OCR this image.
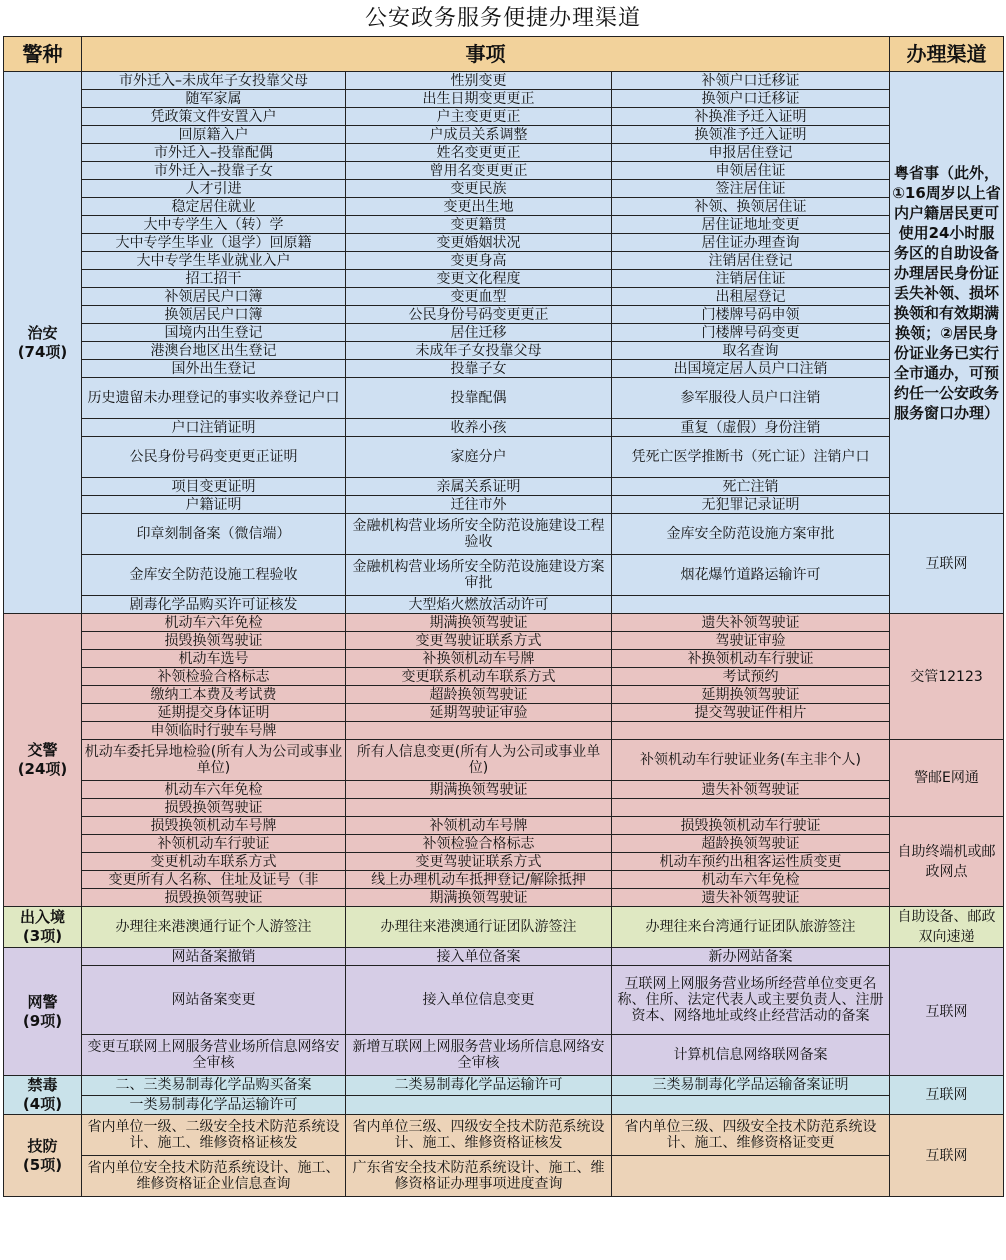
公安政务服务便捷办理渠道
警种	事项			办理渠道

治安
(74项)	市外迁入–未成年子女投靠父母	性别变更	补领户口迁移证	粤省事（此外，①16周岁以上省内户籍居民更可使用24小时服务区的自助设备办理居民身份证丢失补领、损坏换领和有效期满换领；②居民身份证业务已实行全市通办，可预约任一公安政务服务窗口办理）
	随军家属	出生日期变更更正	换领户口迁移证	
	凭政策文件安置入户	户主变更更正	补换准予迁入证明	
	回原籍入户	户成员关系调整	换领准予迁入证明	
	市外迁入–投靠配偶	姓名变更更正	申报居住登记	
	市外迁入–投靠子女	曾用名变更更正	申领居住证	
	人才引进	变更民族	签注居住证	
	稳定居住就业	变更出生地	补领、换领居住证	
	大中专学生入（转）学	变更籍贯	居住证地址变更	
	大中专学生毕业（退学）回原籍	变更婚姻状况	居住证办理查询	
	大中专学生毕业就业入户	变更身高	注销居住登记	
	招工招干	变更文化程度	注销居住证	
	补领居民户口簿	变更血型	出租屋登记	
	换领居民户口簿	公民身份号码变更更正	门楼牌号码申领	
	国境内出生登记	居住迁移	门楼牌号码变更	
	港澳台地区出生登记	未成年子女投靠父母	取名查询	
	国外出生登记	投靠子女	出国境定居人员户口注销	
	历史遗留未办理登记的事实收养登记户口	投靠配偶	参军服役人员户口注销	
	户口注销证明	收养小孩	重复（虚假）身份注销	
	公民身份号码变更更正证明	家庭分户	凭死亡医学推断书（死亡证）注销户口	
	项目变更证明	亲属关系证明	死亡注销	
	户籍证明	迁往市外	无犯罪记录证明	
	印章刻制备案（微信端）	金融机构营业场所安全防范设施建设工程验收	金库安全防范设施方案审批	互联网
	金库安全防范设施工程验收	金融机构营业场所安全防范设施建设方案审批	烟花爆竹道路运输许可	
	剧毒化学品购买许可证核发	大型焰火燃放活动许可		

交警
(24项)	机动车六年免检	期满换领驾驶证	遗失补领驾驶证	交管12123
	损毁换领驾驶证	变更驾驶证联系方式	驾驶证审验	
	机动车选号	补换领机动车号牌	补换领机动车行驶证	
	补领检验合格标志	变更联系机动车联系方式	考试预约	
	缴纳工本费及考试费	超龄换领驾驶证	延期换领驾驶证	
	延期提交身体证明	延期驾驶证审验	提交驾驶证件相片	
	申领临时行驶车号牌			
	机动车委托异地检验(所有人为公司或事业单位)	所有人信息变更(所有人为公司或事业单位)	补领机动车行驶证业务(车主非个人)	警邮E网通
	机动车六年免检	期满换领驾驶证	遗失补领驾驶证	
	损毁换领驾驶证			
	损毁换领机动车号牌	补领机动车号牌	损毁换领机动车行驶证	自助终端机或邮政网点
	补领机动车行驶证	补领检验合格标志	超龄换领驾驶证	
	变更机动车联系方式	变更驾驶证联系方式	机动车预约出租客运性质变更	
	变更所有人名称、住址及证号（非	线上办理机动车抵押登记/解除抵押	机动车六年免检	
	损毁换领驾驶证	期满换领驾驶证	遗失补领驾驶证	

出入境
(3项)	办理往来港澳通行证个人游签注	办理往来港澳通行证团队游签注	办理往来台湾通行证团队旅游签注	自助设备、邮政双向速递

网警
(9项)	网站备案撤销	接入单位备案	新办网站备案	互联网
	网站备案变更	接入单位信息变更	互联网上网服务营业场所经营单位变更名称、住所、法定代表人或主要负责人、注册资本、网络地址或终止经营活动的备案	
	变更互联网上网服务营业场所信息网络安全审核	新增互联网上网服务营业场所信息网络安全审核	计算机信息网络联网备案	

禁毒
(4项)	二、三类易制毒化学品购买备案	二类易制毒化学品运输许可	三类易制毒化学品运输备案证明	互联网
	一类易制毒化学品运输许可			

技防
(5项)	省内单位一级、二级安全技术防范系统设计、施工、维修资格证核发	省内单位三级、四级安全技术防范系统设计、施工、维修资格证核发	省内单位三级、四级安全技术防范系统设计、施工、维修资格证变更	互联网
	省内单位安全技术防范系统设计、施工、维修资格证企业信息查询	广东省安全技术防范系统设计、施工、维修资格证办理事项进度查询		
